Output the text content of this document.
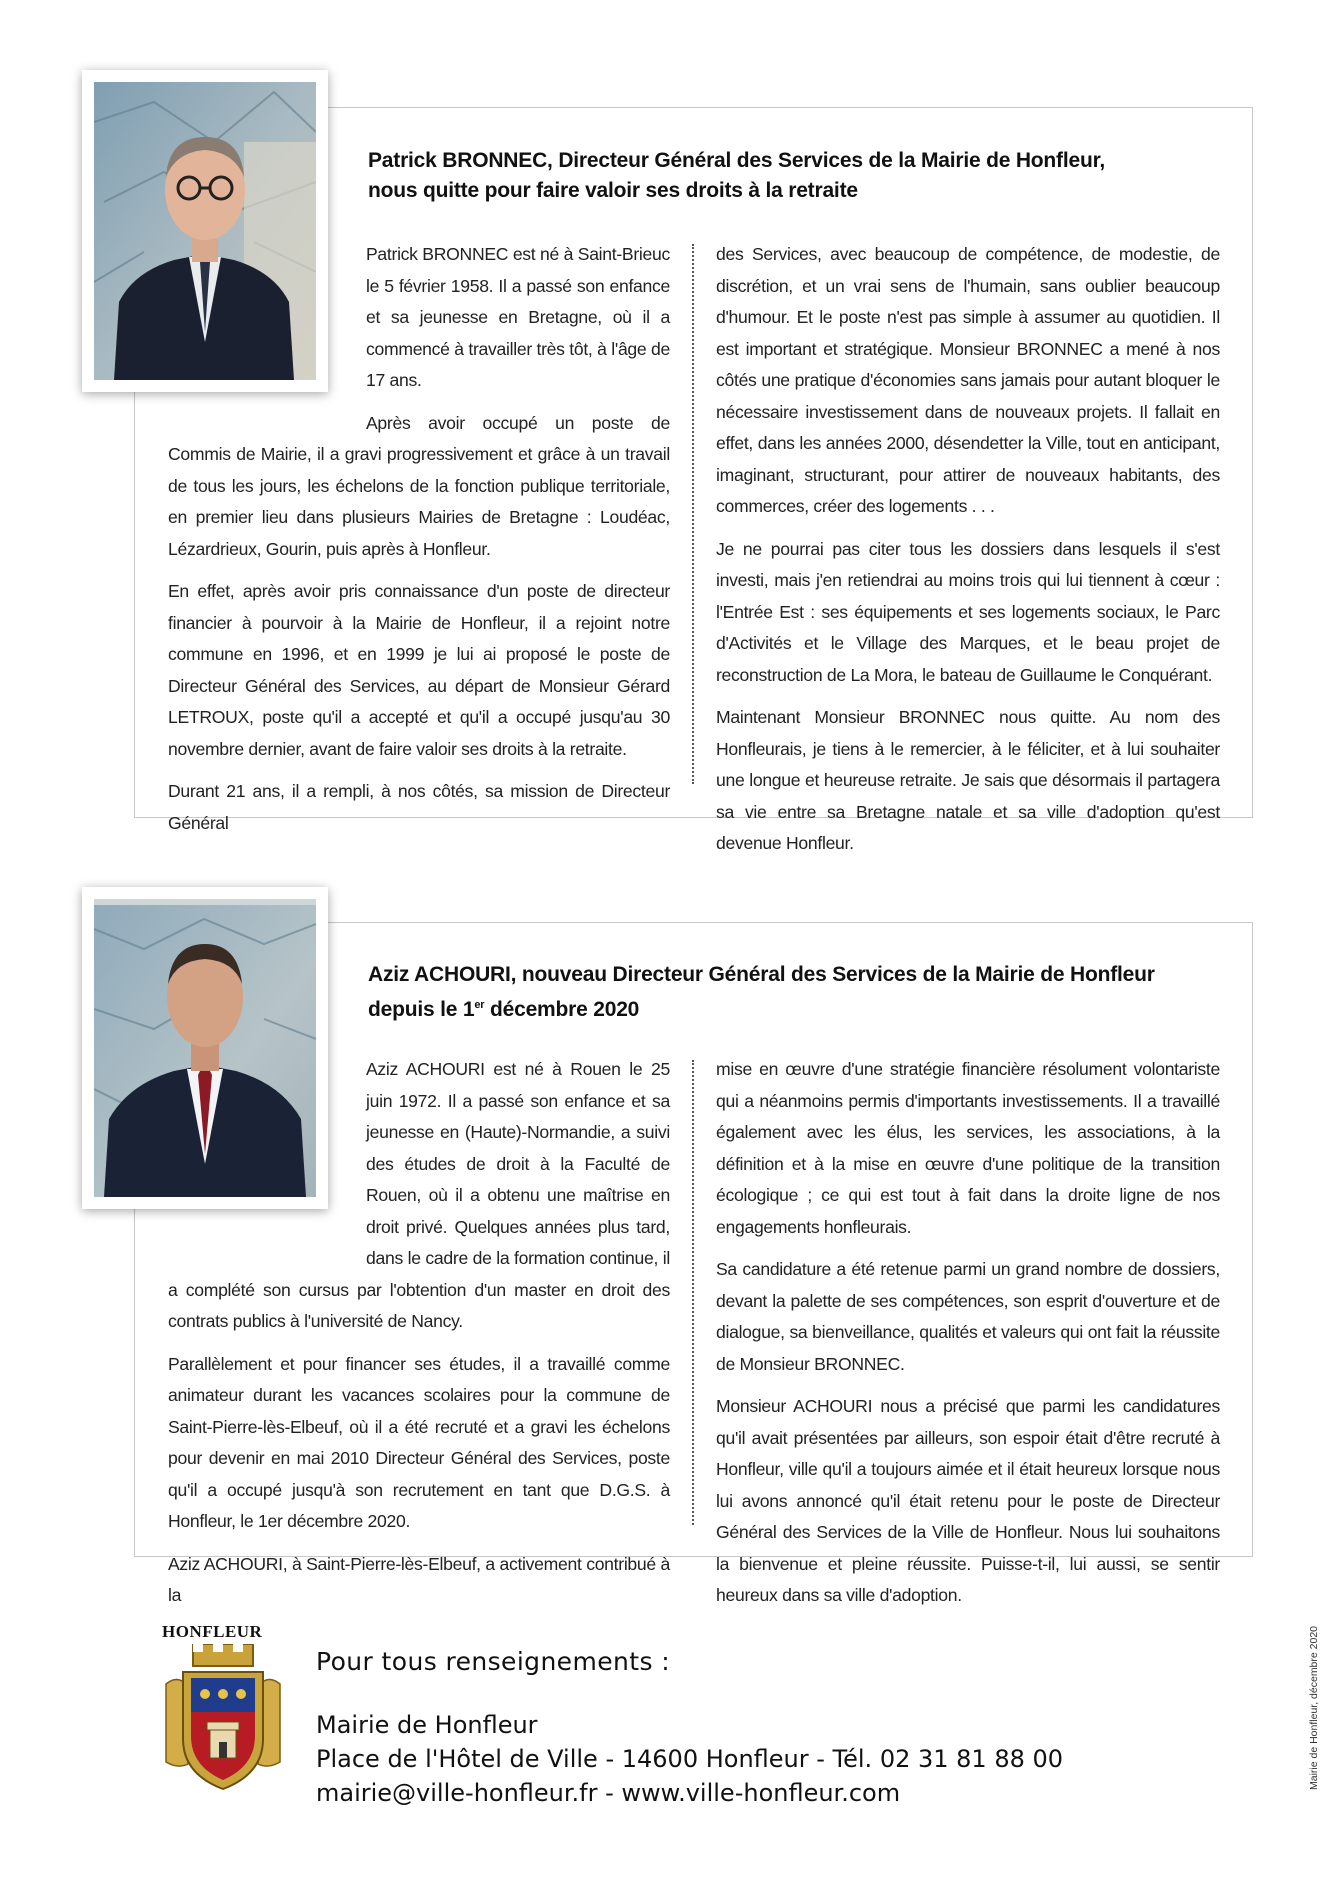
Patrick BRONNEC, Directeur Général des Services de la Mairie de Honfleur,
nous quitte pour faire valoir ses droits à la retraite

Patrick BRONNEC est né à Saint-Brieuc le 5 février 1958. Il a passé son enfance et sa jeunesse en Bretagne, où il a commencé à travailler très tôt, à l'âge de 17 ans.

Après avoir occupé un poste de Commis de Mairie, il a gravi progressivement et grâce à un travail de tous les jours, les échelons de la fonction publique territoriale, en premier lieu dans plusieurs Mairies de Bretagne : Loudéac, Lézardrieux, Gourin, puis après à Honfleur.

En effet, après avoir pris connaissance d'un poste de directeur financier à pourvoir à la Mairie de Honfleur, il a rejoint notre commune en 1996, et en 1999 je lui ai proposé le poste de Directeur Général des Services, au départ de Monsieur Gérard LETROUX, poste qu'il a accepté et qu'il a occupé jusqu'au 30 novembre dernier, avant de faire valoir ses droits à la retraite.

Durant 21 ans, il a rempli, à nos côtés, sa mission de Directeur Général

des Services, avec beaucoup de compétence, de modestie, de discrétion, et un vrai sens de l'humain, sans oublier beaucoup d'humour. Et le poste n'est pas simple à assumer au quotidien. Il est important et stratégique. Monsieur BRONNEC a mené à nos côtés une pratique d'économies sans jamais pour autant bloquer le nécessaire investissement dans de nouveaux projets. Il fallait en effet, dans les années 2000, désendetter la Ville, tout en anticipant, imaginant, structurant, pour attirer de nouveaux habitants, des commerces, créer des logements . . .

Je ne pourrai pas citer tous les dossiers dans lesquels il s'est investi, mais j'en retiendrai au moins trois qui lui tiennent à cœur : l'Entrée Est : ses équipements et ses logements sociaux, le Parc d'Activités et le Village des Marques, et le beau projet de reconstruction de La Mora, le bateau de Guillaume le Conquérant.

Maintenant Monsieur BRONNEC nous quitte. Au nom des Honfleurais, je tiens à le remercier, à le féliciter, et à lui souhaiter une longue et heureuse retraite. Je sais que désormais il partagera sa vie entre sa Bretagne natale et sa ville d'adoption qu'est devenue Honfleur.

Aziz ACHOURI, nouveau Directeur Général des Services de la Mairie de Honfleur
depuis le 1er décembre 2020

Aziz ACHOURI est né à Rouen le 25 juin 1972. Il a passé son enfance et sa jeunesse en (Haute)-Normandie, a suivi des études de droit à la Faculté de Rouen, où il a obtenu une maîtrise en droit privé. Quelques années plus tard, dans le cadre de la formation continue, il a complété son cursus par l'obtention d'un master en droit des contrats publics à l'université de Nancy.

Parallèlement et pour financer ses études, il a travaillé comme animateur durant les vacances scolaires pour la commune de Saint-Pierre-lès-Elbeuf, où il a été recruté et a gravi les échelons pour devenir en mai 2010 Directeur Général des Services, poste qu'il a occupé jusqu'à son recrutement en tant que D.G.S. à Honfleur, le 1er décembre 2020.

Aziz ACHOURI, à Saint-Pierre-lès-Elbeuf, a activement contribué à la

mise en œuvre d'une stratégie financière résolument volontariste qui a néanmoins permis d'importants investissements. Il a travaillé également avec les élus, les services, les associations, à la définition et à la mise en œuvre d'une politique de la transition écologique ; ce qui est tout à fait dans la droite ligne de nos engagements honfleurais.

Sa candidature a été retenue parmi un grand nombre de dossiers, devant la palette de ses compétences, son esprit d'ouverture et de dialogue, sa bienveillance, qualités et valeurs qui ont fait la réussite de Monsieur BRONNEC.

Monsieur ACHOURI nous a précisé que parmi les candidatures qu'il avait présentées par ailleurs, son espoir était d'être recruté à Honfleur, ville qu'il a toujours aimée et il était heureux lorsque nous lui avons annoncé qu'il était retenu pour le poste de Directeur Général des Services de la Ville de Honfleur. Nous lui souhaitons la bienvenue et pleine réussite. Puisse-t-il, lui aussi, se sentir heureux dans sa ville d'adoption.

HONFLEUR
Pour tous renseignements :
Mairie de Honfleur
Place de l'Hôtel de Ville - 14600 Honfleur - Tél. 02 31 81 88 00
mairie@ville-honfleur.fr - www.ville-honfleur.com
Mairie de Honfleur, décembre 2020
